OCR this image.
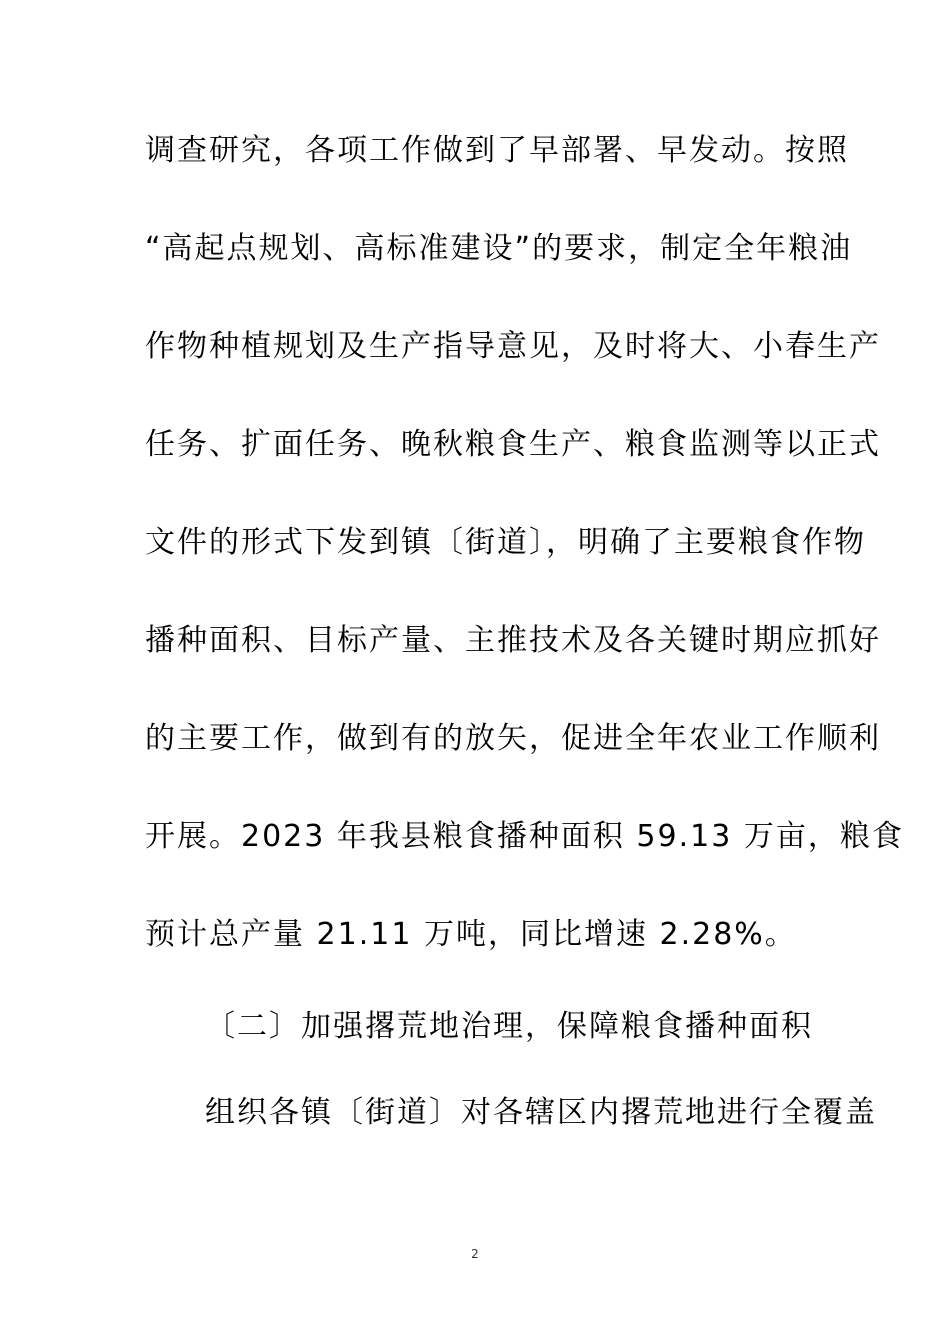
调查研究，各项工作做到了早部署、早发动。按照
“高起点规划、高标准建设”的要求，制定全年粮油
作物种植规划及生产指导意见，及时将大、小春生产
任务、扩面任务、晚秋粮食生产、粮食监测等以正式
文件的形式下发到镇〔街道〕，明确了主要粮食作物
播种面积、目标产量、主推技术及各关键时期应抓好
的主要工作，做到有的放矢，促进全年农业工作顺利
开展。2023 年我县粮食播种面积 59.13 万亩，粮食
预计总产量 21.11 万吨，同比增速 2.28%。
〔二〕加强撂荒地治理，保障粮食播种面积
组织各镇〔街道〕对各辖区内撂荒地进行全覆盖
2
